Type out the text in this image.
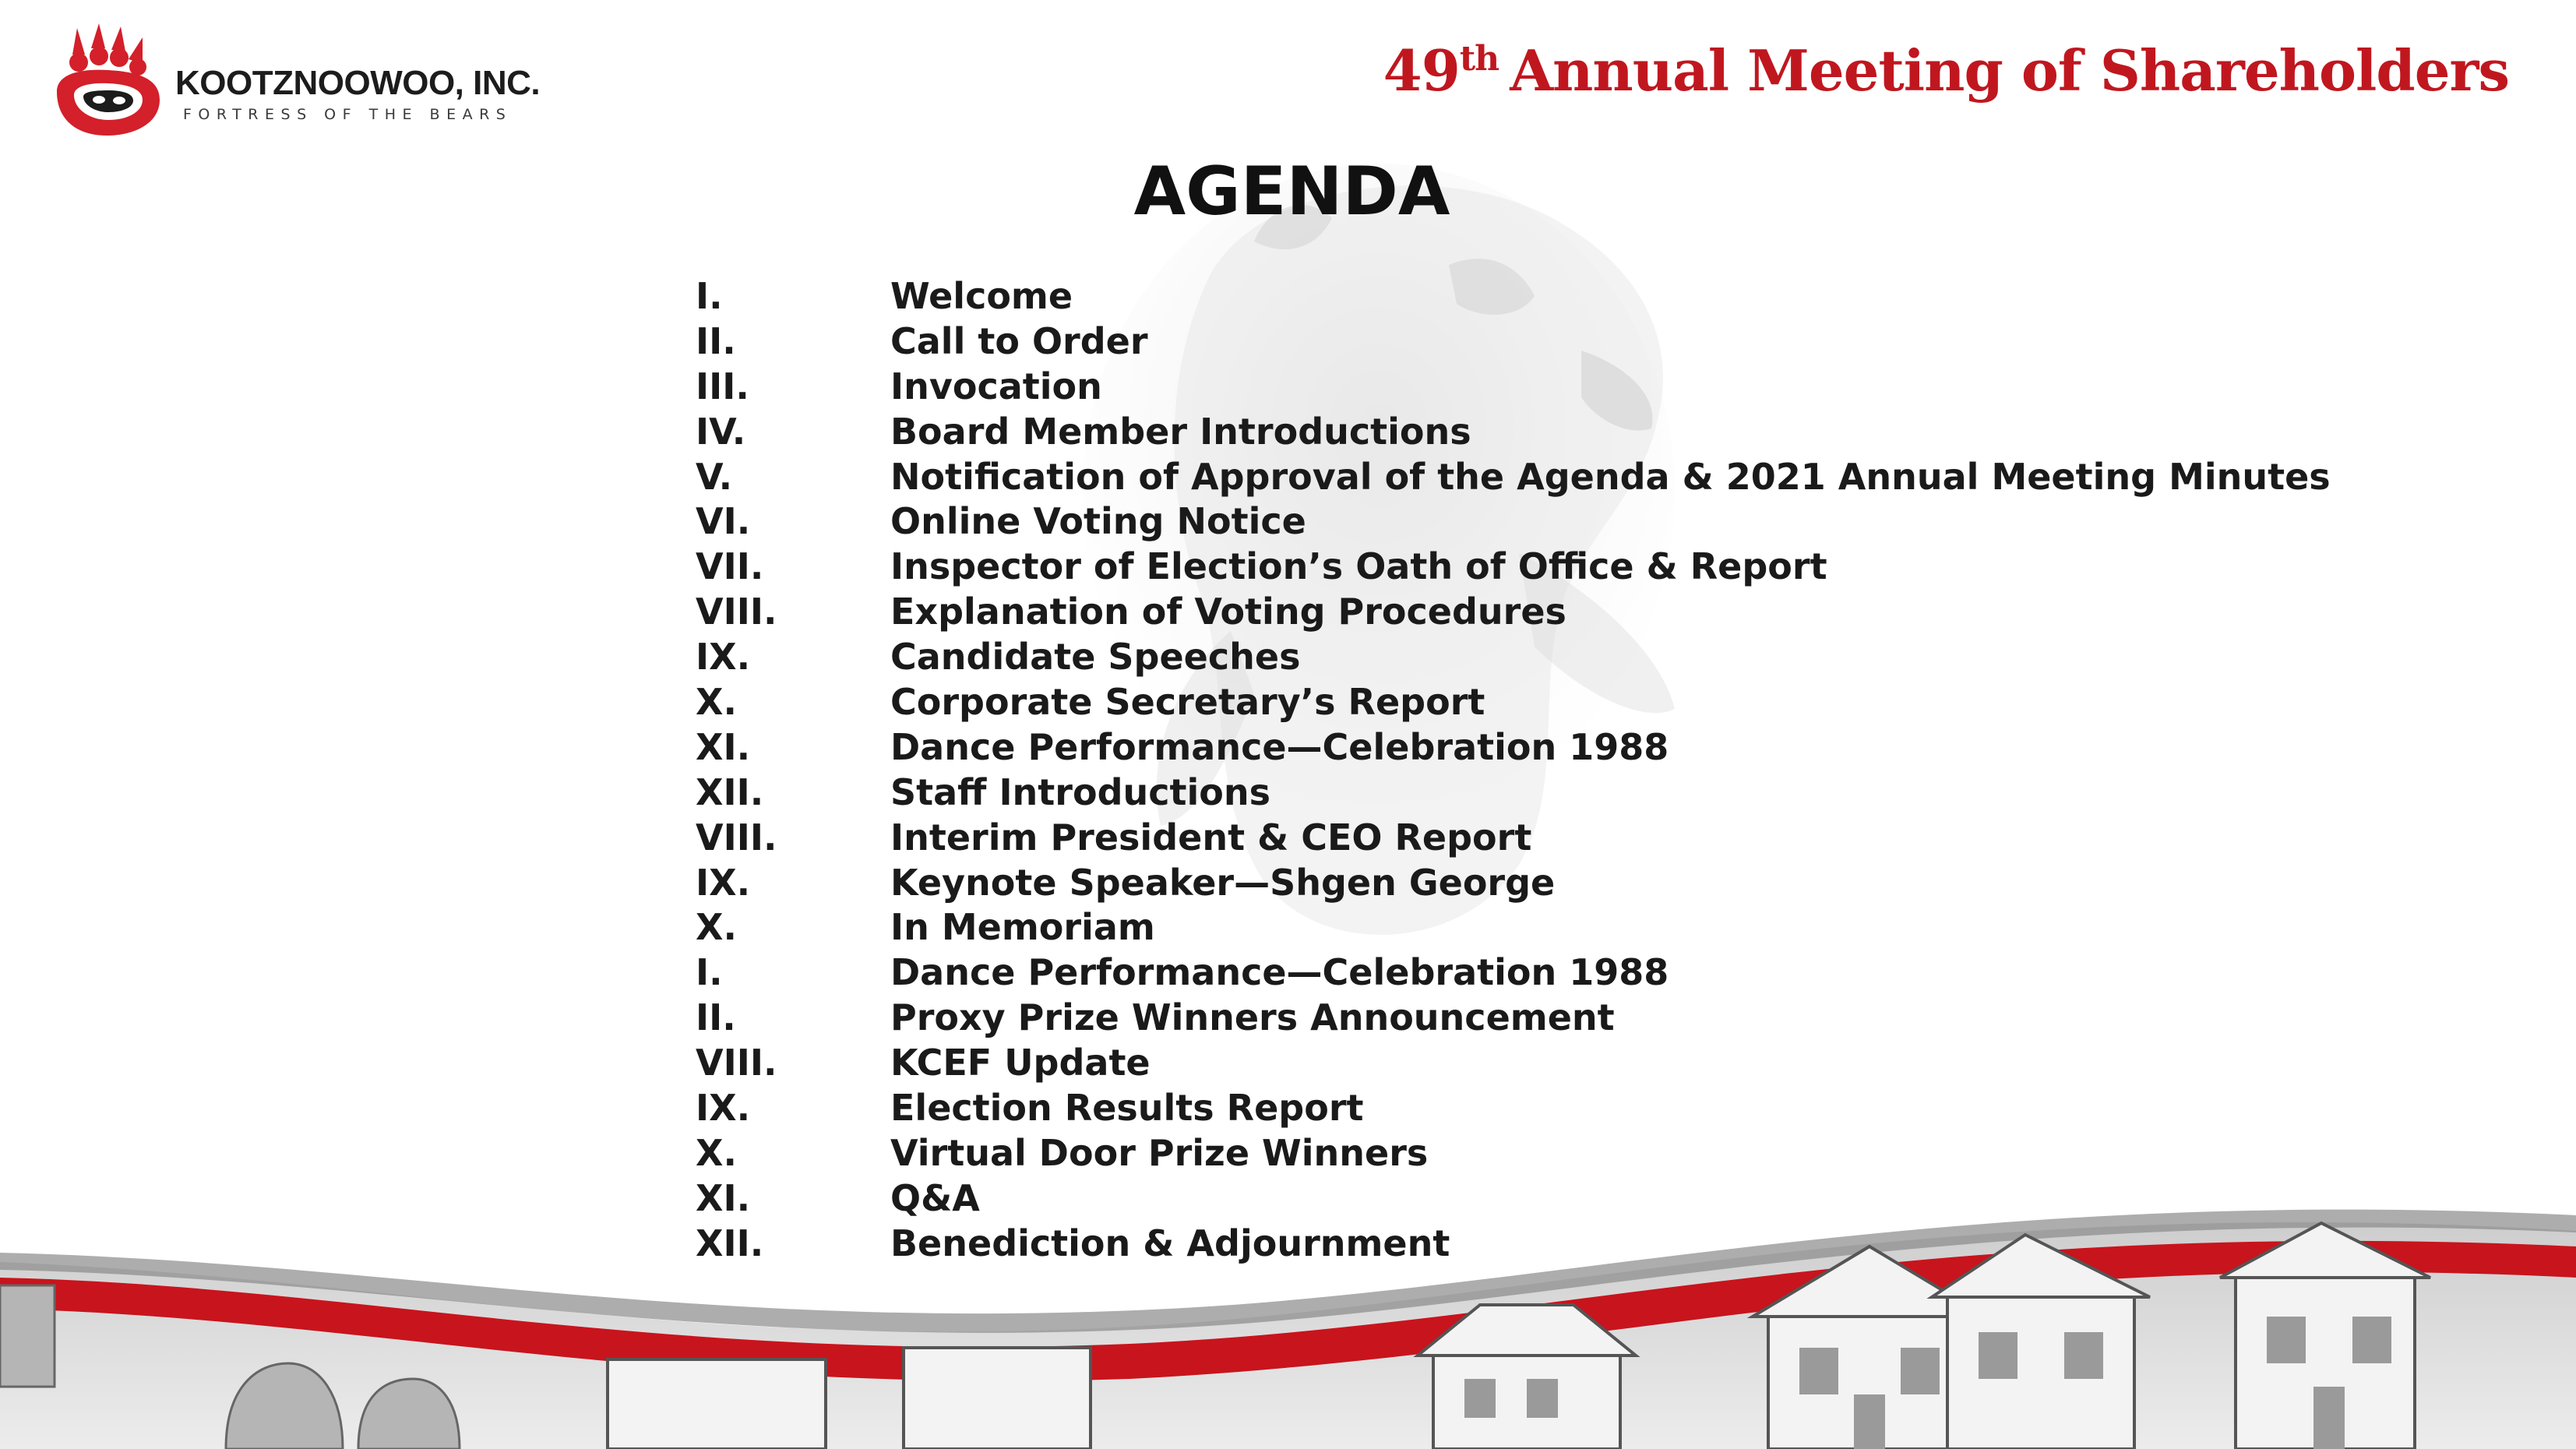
KOOTZNOOWOO, INC.
FORTRESS OF THE BEARS
49th Annual Meeting of Shareholders
AGENDA
I.	Welcome
II.	Call to Order
III.	Invocation
IV.	Board Member Introductions
V.	Notification of Approval of the Agenda & 2021 Annual Meeting Minutes
VI.	Online Voting Notice
VII.	Inspector of Election’s Oath of Office & Report
VIII.	Explanation of Voting Procedures
IX.	Candidate Speeches
X.	Corporate Secretary’s Report
XI.	Dance Performance—Celebration 1988
XII.	Staff Introductions
VIII.	Interim President & CEO Report
IX.	Keynote Speaker—Shgen George
X.	In Memoriam
I.	Dance Performance—Celebration 1988
II.	Proxy Prize Winners Announcement
VIII.	KCEF Update
IX.	Election Results Report
X.	Virtual Door Prize Winners
XI.	Q&A
XII.	Benediction & Adjournment
